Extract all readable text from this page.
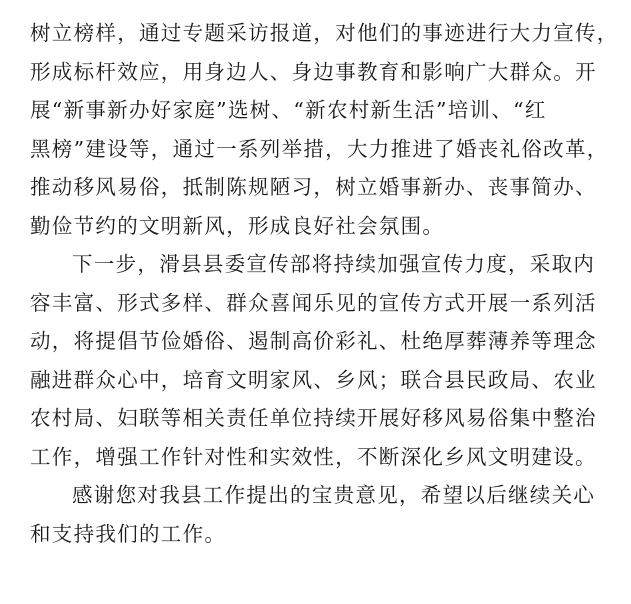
树立榜样，通过专题采访报道，对他们的事迹进行大力宣传，
形成标杆效应，用身边人、身边事教育和影响广大群众。开
展“新事新办好家庭”选树、“新农村新生活”培训、“红
黑榜”建设等，通过一系列举措，大力推进了婚丧礼俗改革，
推动移风易俗，抵制陈规陋习，树立婚事新办、丧事简办、
勤俭节约的文明新风，形成良好社会氛围。
下一步，滑县县委宣传部将持续加强宣传力度，采取内
容丰富、形式多样、群众喜闻乐见的宣传方式开展一系列活
动，将提倡节俭婚俗、遏制高价彩礼、杜绝厚葬薄养等理念
融进群众心中，培育文明家风、乡风；联合县民政局、农业
农村局、妇联等相关责任单位持续开展好移风易俗集中整治
工作，增强工作针对性和实效性，不断深化乡风文明建设。
感谢您对我县工作提出的宝贵意见，希望以后继续关心
和支持我们的工作。
